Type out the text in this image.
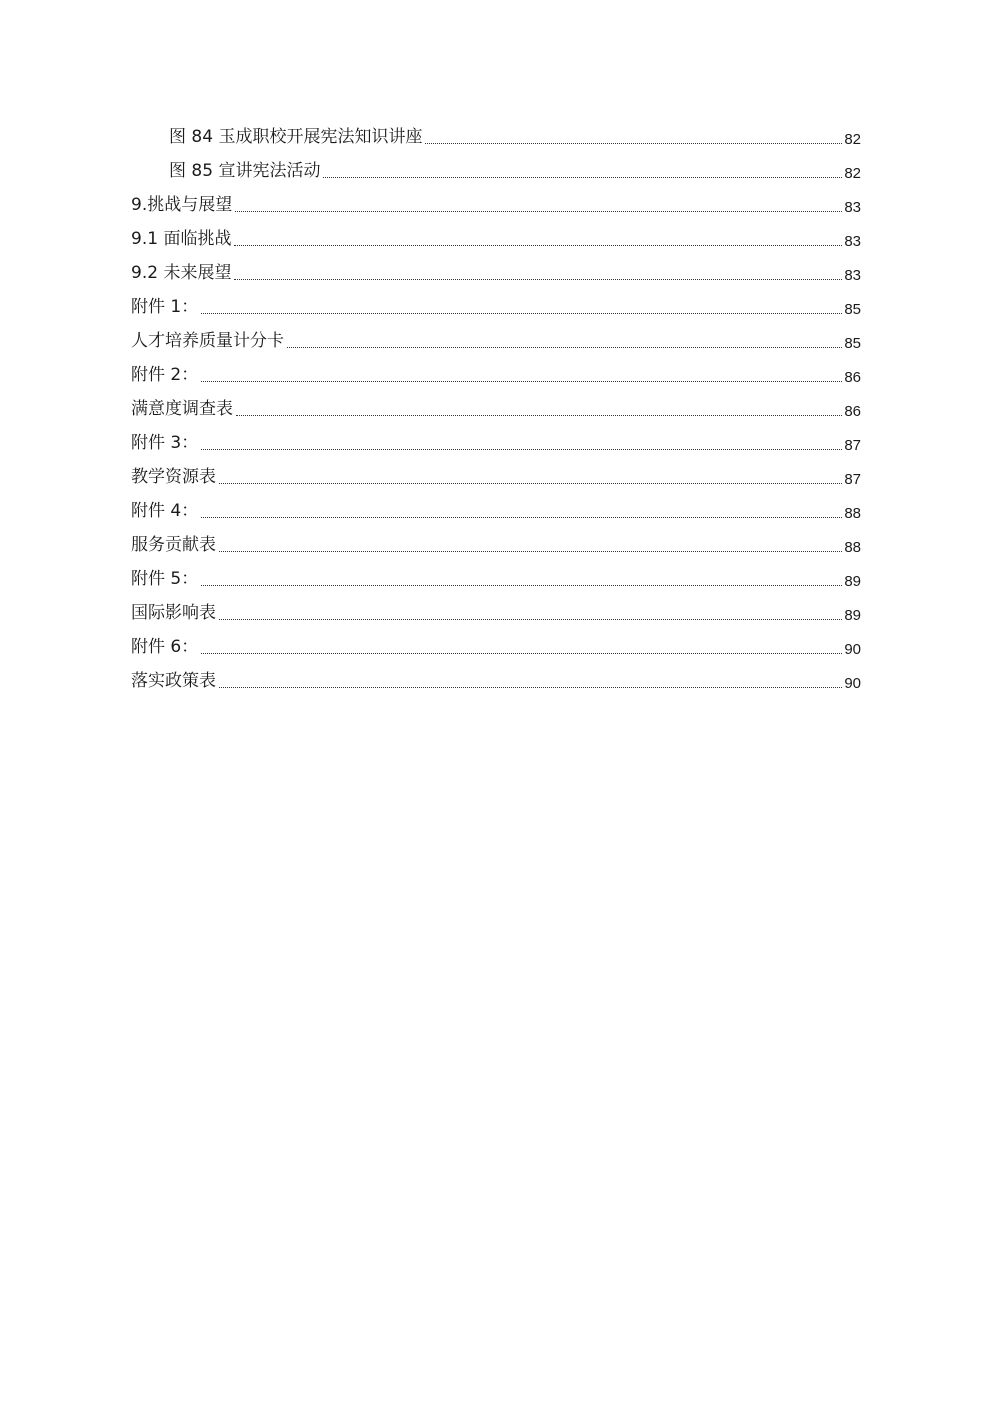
图 84 玉成职校开展宪法知识讲座	82
图 85 宣讲宪法活动	82
9.挑战与展望	83
9.1 面临挑战	83
9.2 未来展望	83
附件 1：	85
人才培养质量计分卡	85
附件 2：	86
满意度调查表	86
附件 3：	87
教学资源表	87
附件 4：	88
服务贡献表	88
附件 5：	89
国际影响表	89
附件 6：	90
落实政策表	90
